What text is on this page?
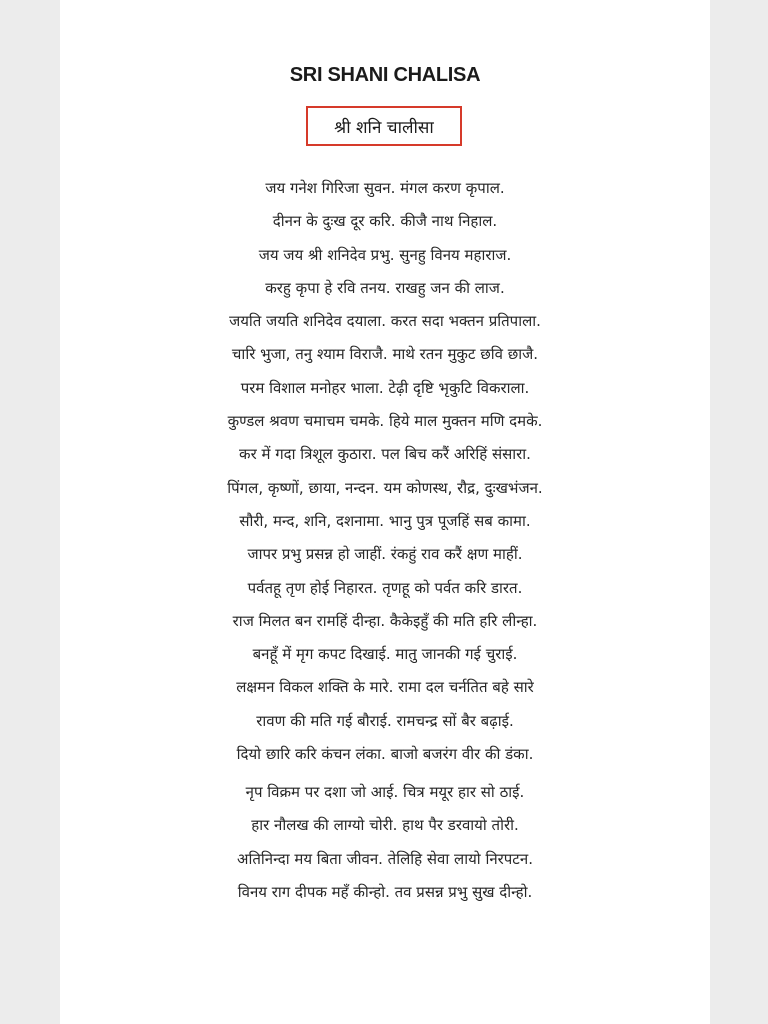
SRI SHANI CHALISA
श्री शनि चालीसा
जय गनेश गिरिजा सुवन. मंगल करण कृपाल.
दीनन के दुःख दूर करि. कीजै नाथ निहाल.
जय जय श्री शनिदेव प्रभु. सुनहु विनय महाराज.
करहु कृपा हे रवि तनय. राखहु जन की लाज.
जयति जयति शनिदेव दयाला. करत सदा भक्तन प्रतिपाला.
चारि भुजा, तनु श्याम विराजै. माथे रतन मुकुट छवि छाजै.
परम विशाल मनोहर भाला. टेढ़ी दृष्टि भृकुटि विकराला.
कुण्डल श्रवण चमाचम चमके. हिये माल मुक्तन मणि दमके.
कर में गदा त्रिशूल कुठारा. पल बिच करैं अरिहिं संसारा.
पिंगल, कृष्णों, छाया, नन्दन. यम कोणस्थ, रौद्र, दुःखभंजन.
सौरी, मन्द, शनि, दशनामा. भानु पुत्र पूजहिं सब कामा.
जापर प्रभु प्रसन्न हो जाहीं. रंकहुं राव करैं क्षण माहीं.
पर्वतहू तृण होई निहारत. तृणहू को पर्वत करि डारत.
राज मिलत बन रामहिं दीन्हा. कैकेइहुँ की मति हरि लीन्हा.
बनहूँ में मृग कपट दिखाई. मातु जानकी गई चुराई.
लक्षमन विकल शक्ति के मारे. रामा दल चर्नतित बहे सारे
रावण की मति गई बौराई. रामचन्द्र सों बैर बढ़ाई.
दियो छारि करि कंचन लंका. बाजो बजरंग वीर की डंका.
नृप विक्रम पर दशा जो आई. चित्र मयूर हार सो ठाई.
हार नौलख की लाग्यो चोरी. हाथ पैर डरवायो तोरी.
अतिनिन्दा मय बिता जीवन. तेलिहि सेवा लायो निरपटन.
विनय राग दीपक महँ कीन्हो. तव प्रसन्न प्रभु सुख दीन्हो.
